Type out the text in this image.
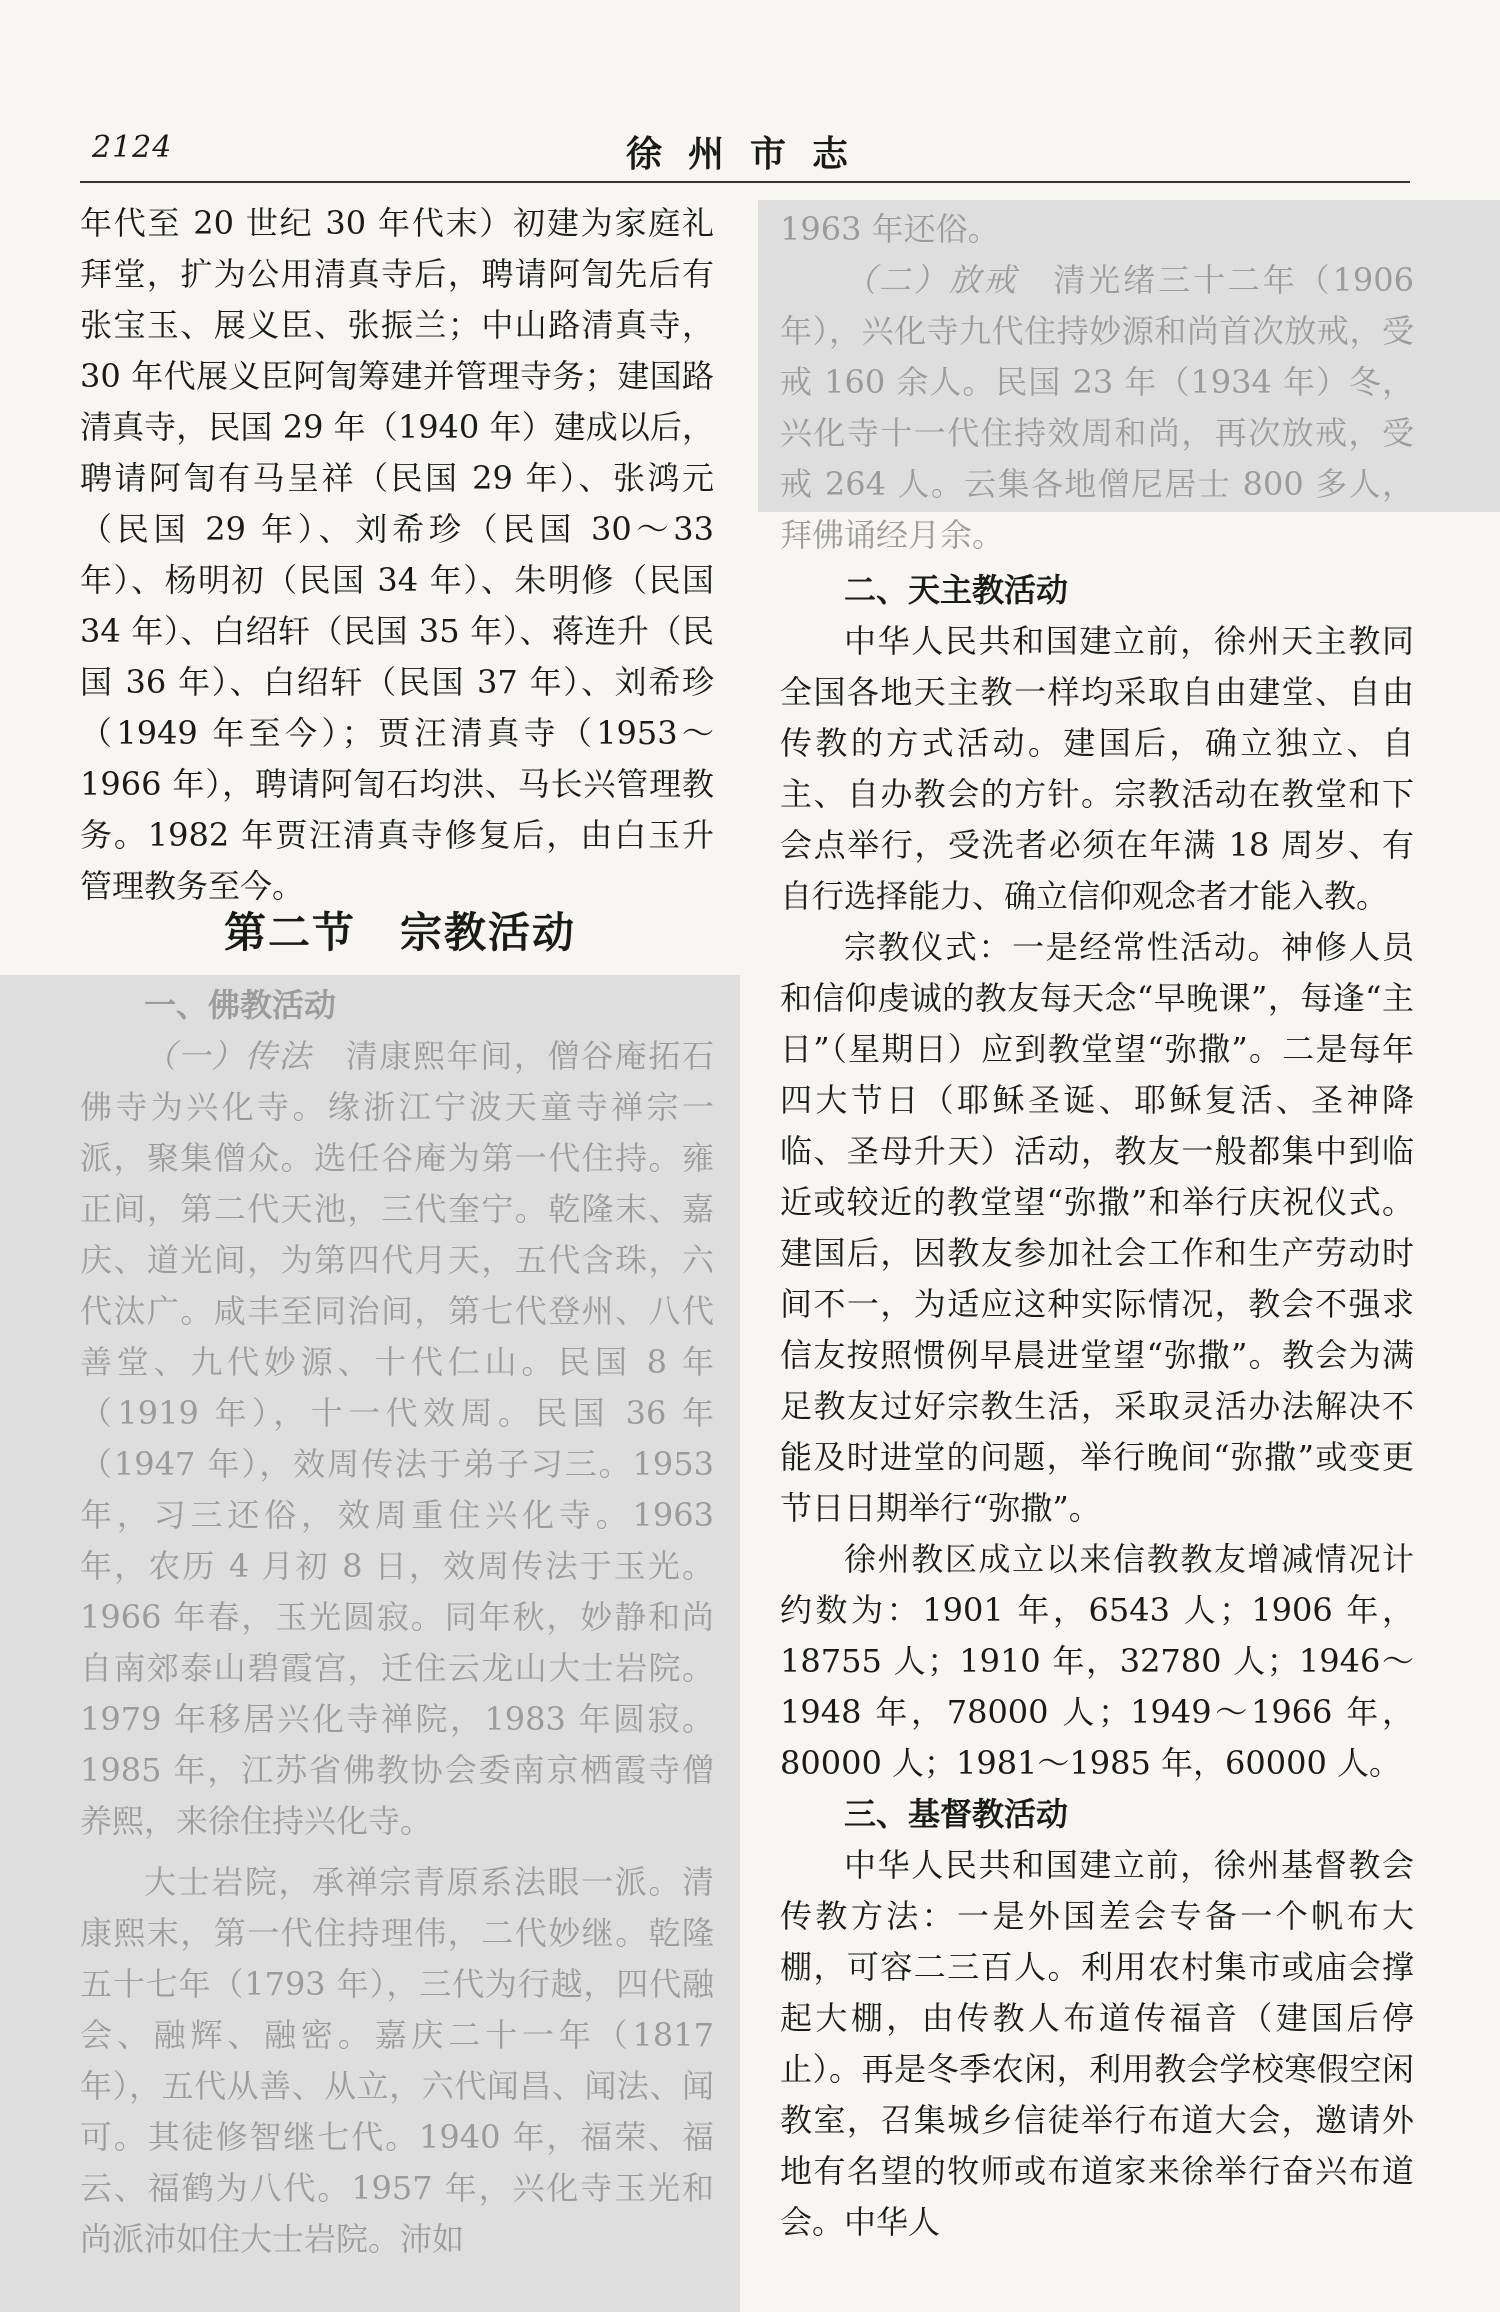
2124	徐州市志

年代至 20 世纪 30 年代末）初建为家庭礼拜堂，扩为公用清真寺后，聘请阿訇先后有张宝玉、展义臣、张振兰；中山路清真寺，30 年代展义臣阿訇筹建并管理寺务；建国路清真寺，民国 29 年（1940 年）建成以后，聘请阿訇有马呈祥（民国 29 年）、张鸿元（民国 29 年）、刘希珍（民国 30～33 年）、杨明初（民国 34 年）、朱明修（民国 34 年）、白绍轩（民国 35 年）、蒋连升（民国 36 年）、白绍轩（民国 37 年）、刘希珍（1949 年至今）；贾汪清真寺（1953～1966 年），聘请阿訇石均洪、马长兴管理教务。1982 年贾汪清真寺修复后，由白玉升管理教务至今。

第二节　宗教活动

一、佛教活动

（一）传法  清康熙年间，僧谷庵拓石佛寺为兴化寺。缘浙江宁波天童寺禅宗一派，聚集僧众。选任谷庵为第一代住持。雍正间，第二代天池，三代奎宁。乾隆末、嘉庆、道光间，为第四代月天，五代含珠，六代汰广。咸丰至同治间，第七代登州、八代善堂、九代妙源、十代仁山。民国 8 年（1919 年），十一代效周。民国 36 年（1947 年），效周传法于弟子习三。1953 年，习三还俗，效周重住兴化寺。1963 年，农历 4 月初 8 日，效周传法于玉光。1966 年春，玉光圆寂。同年秋，妙静和尚自南郊泰山碧霞宫，迁住云龙山大士岩院。1979 年移居兴化寺禅院，1983 年圆寂。1985 年，江苏省佛教协会委南京栖霞寺僧养熙，来徐住持兴化寺。

大士岩院，承禅宗青原系法眼一派。清康熙末，第一代住持理伟，二代妙继。乾隆五十七年（1793 年），三代为行越，四代融会、融辉、融密。嘉庆二十一年（1817 年），五代从善、从立，六代闻昌、闻法、闻可。其徒修智继七代。1940 年，福荣、福云、福鹤为八代。1957 年，兴化寺玉光和尚派沛如住大士岩院。沛如

1963 年还俗。

（二）放戒  清光绪三十二年（1906 年），兴化寺九代住持妙源和尚首次放戒，受戒 160 余人。民国 23 年（1934 年）冬，兴化寺十一代住持效周和尚，再次放戒，受戒 264 人。云集各地僧尼居士 800 多人，拜佛诵经月余。

二、天主教活动

中华人民共和国建立前，徐州天主教同全国各地天主教一样均采取自由建堂、自由传教的方式活动。建国后，确立独立、自主、自办教会的方针。宗教活动在教堂和下会点举行，受洗者必须在年满 18 周岁、有自行选择能力、确立信仰观念者才能入教。

宗教仪式：一是经常性活动。神修人员和信仰虔诚的教友每天念“早晚课”，每逢“主日”（星期日）应到教堂望“弥撒”。二是每年四大节日（耶稣圣诞、耶稣复活、圣神降临、圣母升天）活动，教友一般都集中到临近或较近的教堂望“弥撒”和举行庆祝仪式。建国后，因教友参加社会工作和生产劳动时间不一，为适应这种实际情况，教会不强求信友按照惯例早晨进堂望“弥撒”。教会为满足教友过好宗教生活，采取灵活办法解决不能及时进堂的问题，举行晚间“弥撒”或变更节日日期举行“弥撒”。

徐州教区成立以来信教教友增减情况计约数为：1901 年，6543 人；1906 年，18755 人；1910 年，32780 人；1946～1948 年，78000 人；1949～1966 年，80000 人；1981～1985 年，60000 人。

三、基督教活动

中华人民共和国建立前，徐州基督教会传教方法：一是外国差会专备一个帆布大棚，可容二三百人。利用农村集市或庙会撑起大棚，由传教人布道传福音（建国后停止）。再是冬季农闲，利用教会学校寒假空闲教室，召集城乡信徒举行布道大会，邀请外地有名望的牧师或布道家来徐举行奋兴布道会。中华人
